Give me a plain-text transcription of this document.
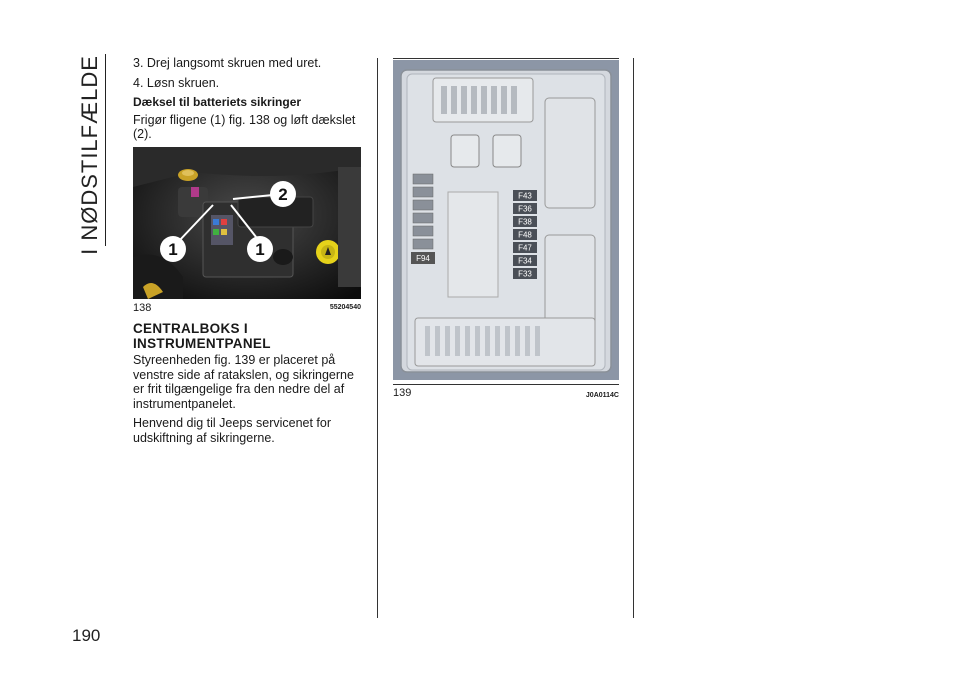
I NØDSTILFÆLDE
190

3. Drej langsomt skruen med uret.

4. Løsn skruen.

Dæksel til batteriets sikringer

Frigør fligene (1) fig. 138 og løft dækslet (2).

2
1	1
138	55204540
CENTRALBOKS I
INSTRUMENTPANEL

Styreenheden fig. 139 er placeret på venstre side af ratakslen, og sikringerne er frit tilgængelige fra den nedre del af instrumentpanelet.

Henvend dig til Jeeps servicenet for udskiftning af sikringerne.

F94
F43
F36
F38
F48
F47
F34
F33
139	J0A0114C
